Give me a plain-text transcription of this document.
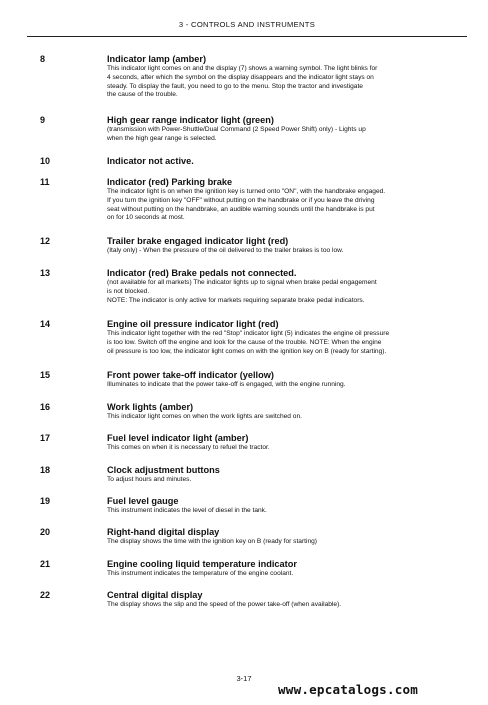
3 - CONTROLS AND INSTRUMENTS
8	Indicator lamp (amber)
This indicator light comes on and the display (7) shows a warning symbol. The light blinks for
4 seconds, after which the symbol on the display disappears and the indicator light stays on
steady. To display the fault, you need to go to the menu. Stop the tractor and investigate
the cause of the trouble.
9	High gear range indicator light (green)
(transmission with Power-Shuttle/Dual Command (2 Speed Power Shift) only) - Lights up
when the high gear range is selected.
10	Indicator not active.
11	Indicator (red) Parking brake
The indicator light is on when the ignition key is turned onto "ON", with the handbrake engaged.
If you turn the ignition key "OFF" without putting on the handbrake or if you leave the driving
seat without putting on the handbrake, an audible warning sounds until the handbrake is put
on for 10 seconds at most.
12	Trailer brake engaged indicator light (red)
(Italy only) - When the pressure of the oil delivered to the trailer brakes is too low.
13	Indicator (red) Brake pedals not connected.
(not available for all markets) The indicator lights up to signal when brake pedal engagement
is not blocked.
NOTE: The indicator is only active for markets requiring separate brake pedal indicators.
14	Engine oil pressure indicator light (red)
This indicator light together with the red "Stop" indicator light (5) indicates the engine oil pressure
is too low. Switch off the engine and look for the cause of the trouble. NOTE: When the engine
oil pressure is too low, the indicator light comes on with the ignition key on B (ready for starting).
15	Front power take-off indicator (yellow)
Illuminates to indicate that the power take-off is engaged, with the engine running.
16	Work lights (amber)
This indicator light comes on when the work lights are switched on.
17	Fuel level indicator light (amber)
This comes on when it is necessary to refuel the tractor.
18	Clock adjustment buttons
To adjust hours and minutes.
19	Fuel level gauge
This instrument indicates the level of diesel in the tank.
20	Right-hand digital display
The display shows the time with the ignition key on B (ready for starting)
21	Engine cooling liquid temperature indicator
This instrument indicates the temperature of the engine coolant.
22	Central digital display
The display shows the slip and the speed of the power take-off (when available).
3-17
www.epcatalogs.com
